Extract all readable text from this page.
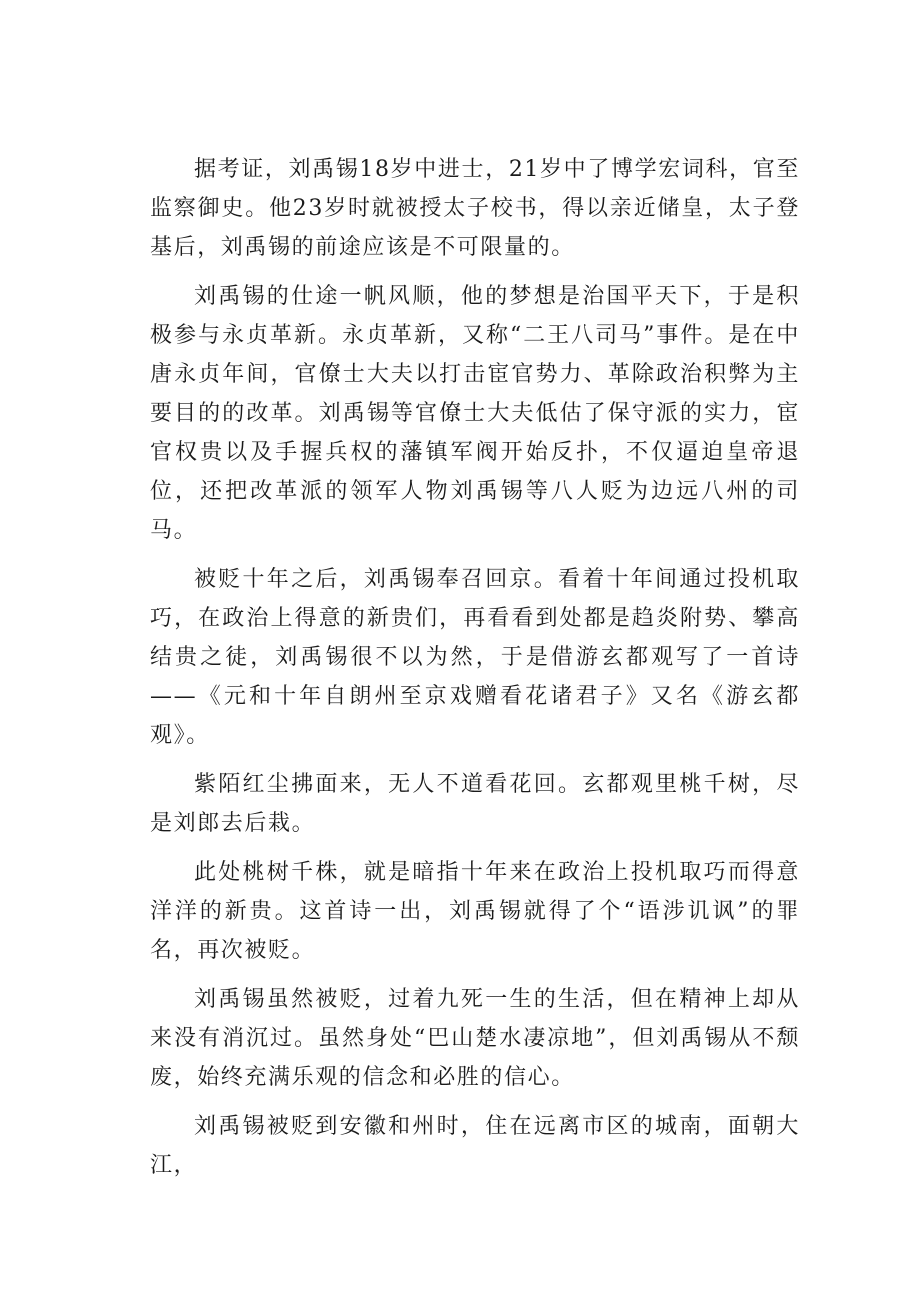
据考证，刘禹锡18岁中进士，21岁中了博学宏词科，官至监察御史。他23岁时就被授太子校书，得以亲近储皇，太子登基后，刘禹锡的前途应该是不可限量的。

刘禹锡的仕途一帆风顺，他的梦想是治国平天下，于是积极参与永贞革新。永贞革新，又称“二王八司马”事件。是在中唐永贞年间，官僚士大夫以打击宦官势力、革除政治积弊为主要目的的改革。刘禹锡等官僚士大夫低估了保守派的实力，宦官权贵以及手握兵权的藩镇军阀开始反扑，不仅逼迫皇帝退位，还把改革派的领军人物刘禹锡等八人贬为边远八州的司马。

被贬十年之后，刘禹锡奉召回京。看着十年间通过投机取巧，在政治上得意的新贵们，再看看到处都是趋炎附势、攀高结贵之徒，刘禹锡很不以为然，于是借游玄都观写了一首诗——《元和十年自朗州至京戏赠看花诸君子》又名《游玄都观》。

紫陌红尘拂面来，无人不道看花回。玄都观里桃千树，尽是刘郎去后栽。

此处桃树千株，就是暗指十年来在政治上投机取巧而得意洋洋的新贵。这首诗一出，刘禹锡就得了个“语涉讥讽”的罪名，再次被贬。

刘禹锡虽然被贬，过着九死一生的生活，但在精神上却从来没有消沉过。虽然身处“巴山楚水凄凉地”，但刘禹锡从不颓废，始终充满乐观的信念和必胜的信心。

刘禹锡被贬到安徽和州时，住在远离市区的城南，面朝大江，
